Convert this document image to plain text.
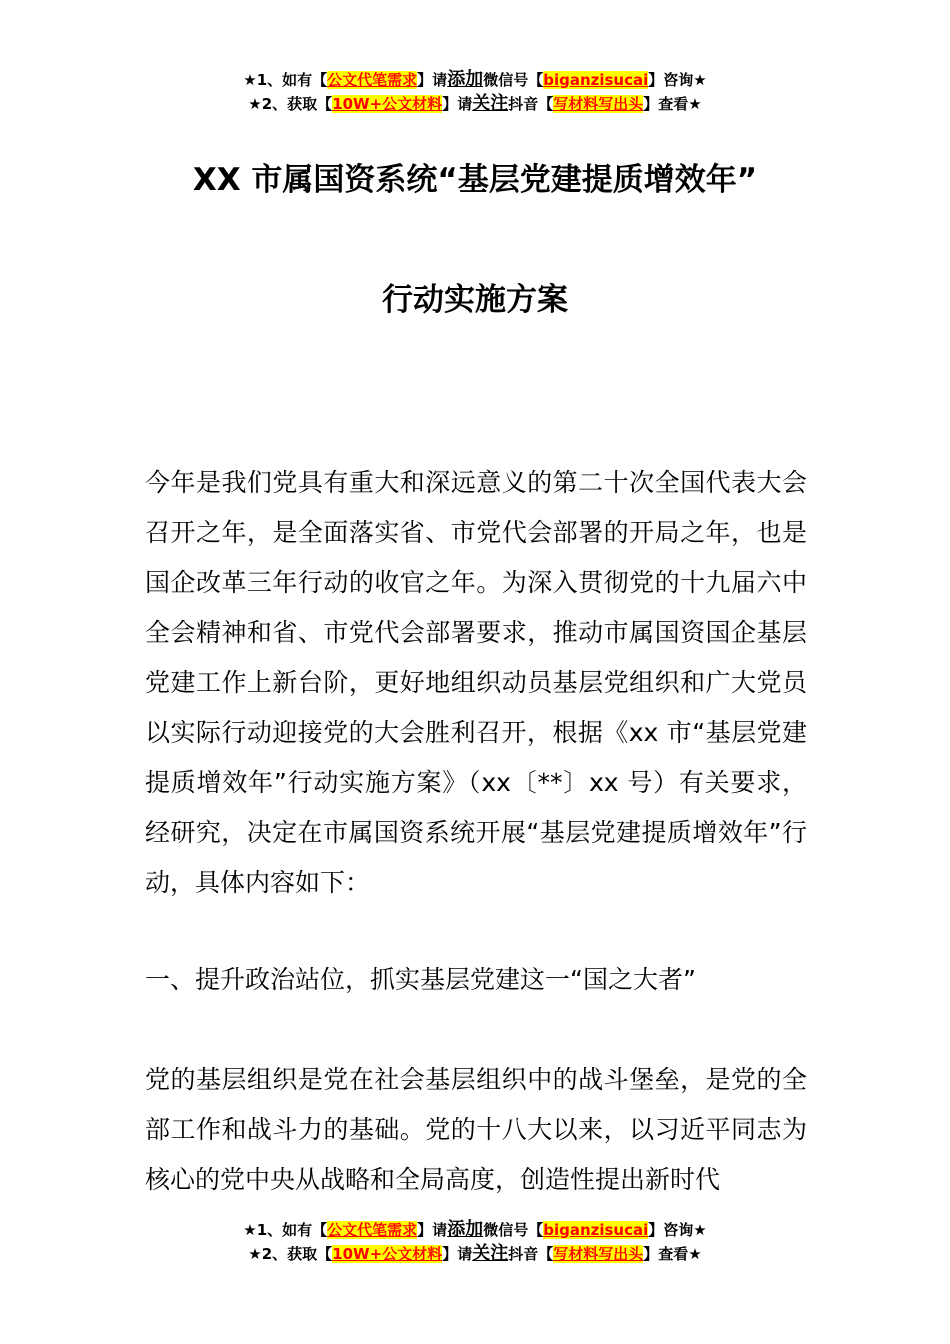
★1、如有【公文代笔需求】请添加微信号【biganzisucai】咨询★
★2、获取【10W+公文材料】请关注抖音【写材料写出头】查看★
XX 市属国资系统“基层党建提质增效年”
行动实施方案

今年是我们党具有重大和深远意义的第二十次全国代表大会召开之年，是全面落实省、市党代会部署的开局之年，也是国企改革三年行动的收官之年。为深入贯彻党的十九届六中全会精神和省、市党代会部署要求，推动市属国资国企基层党建工作上新台阶，更好地组织动员基层党组织和广大党员以实际行动迎接党的大会胜利召开，根据《xx 市“基层党建提质增效年”行动实施方案》（xx〔**〕xx 号）有关要求，经研究，决定在市属国资系统开展“基层党建提质增效年”行动，具体内容如下：

一、提升政治站位，抓实基层党建这一“国之大者”

党的基层组织是党在社会基层组织中的战斗堡垒，是党的全部工作和战斗力的基础。党的十八大以来，以习近平同志为核心的党中央从战略和全局高度，创造性提出新时代

★1、如有【公文代笔需求】请添加微信号【biganzisucai】咨询★
★2、获取【10W+公文材料】请关注抖音【写材料写出头】查看★
